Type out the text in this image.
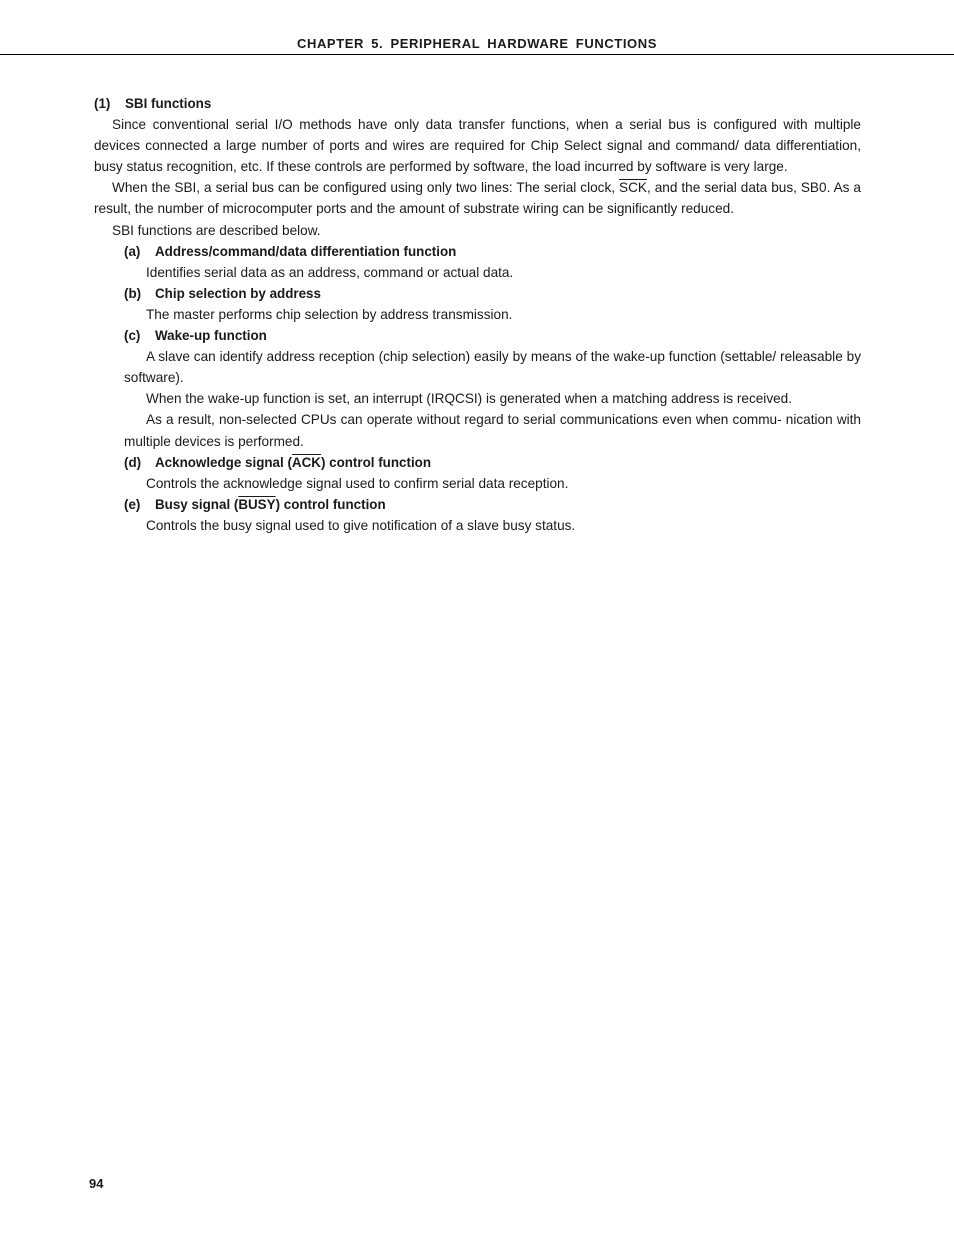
CHAPTER 5. PERIPHERAL HARDWARE FUNCTIONS
(1) SBI functions

Since conventional serial I/O methods have only data transfer functions, when a serial bus is configured with multiple devices connected a large number of ports and wires are required for Chip Select signal and command/ data differentiation, busy status recognition, etc. If these controls are performed by software, the load incurred by software is very large.

When the SBI, a serial bus can be configured using only two lines: The serial clock, $\overline{SCK}$, and the serial data bus, SB0. As a result, the number of microcomputer ports and the amount of substrate wiring can be significantly reduced.

SBI functions are described below.

(a) Address/command/data differentiation function

Identifies serial data as an address, command or actual data.

(b) Chip selection by address

The master performs chip selection by address transmission.

(c) Wake-up function

A slave can identify address reception (chip selection) easily by means of the wake-up function (settable/ releasable by software).

When the wake-up function is set, an interrupt (IRQCSI) is generated when a matching address is received.

As a result, non-selected CPUs can operate without regard to serial communications even when commu- nication with multiple devices is performed.

(d) Acknowledge signal $(\overline{ACK})$ control function

Controls the acknowledge signal used to confirm serial data reception.

(e) Busy signal (BUSY) control function

Controls the busy signal used to give notification of a slave busy status.

94
